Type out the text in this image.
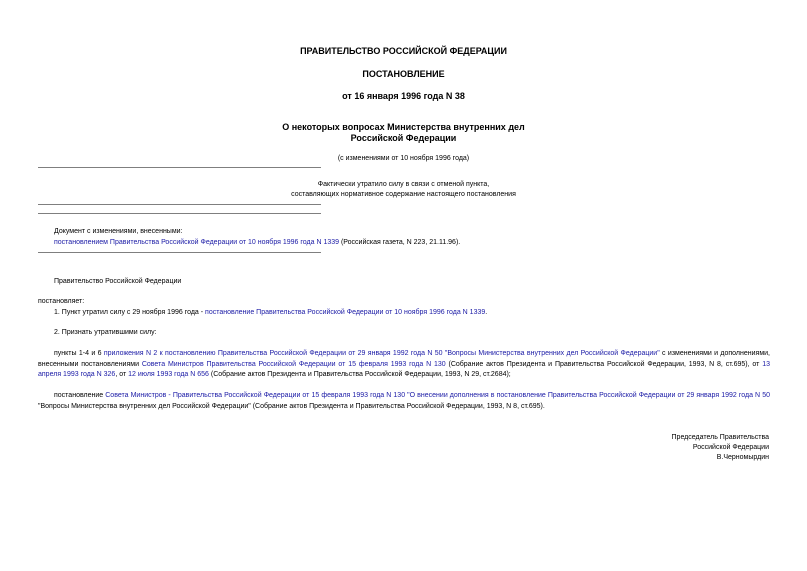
ПРАВИТЕЛЬСТВО РОССИЙСКОЙ ФЕДЕРАЦИИ
ПОСТАНОВЛЕНИЕ
от 16 января 1996 года N 38
О некоторых вопросах Министерства внутренних дел
Российской Федерации
(с изменениями от 10 ноября 1996 года)
Фактически утратило силу в связи с отменой пункта,
составляющих нормативное содержание настоящего постановления
Документ с изменениями, внесенными:
постановлением Правительства Российской Федерации от 10 ноября 1996 года N 1339 (Российская газета, N 223, 21.11.96).
Правительство Российской Федерации
постановляет:
1. Пункт утратил силу с 29 ноября 1996 года - постановление Правительства Российской Федерации от 10 ноября 1996 года N 1339.
2. Признать утратившими силу:
пункты 1-4 и 6 приложения N 2 к постановлению Правительства Российской Федерации от 29 января 1992 года N 50 "Вопросы Министерства внутренних дел Российской Федерации" с изменениями и дополнениями, внесенными постановлениями Совета Министров Правительства Российской Федерации от 15 февраля 1993 года N 130 (Собрание актов Президента и Правительства Российской Федерации, 1993, N 8, ст.695), от 13 апреля 1993 года N 326, от 12 июля 1993 года N 656 (Собрание актов Президента и Правительства Российской Федерации, 1993, N 29, ст.2684);
постановление Совета Министров - Правительства Российской Федерации от 15 февраля 1993 года N 130 "О внесении дополнения в постановление Правительства Российской Федерации от 29 января 1992 года N 50 "Вопросы Министерства внутренних дел Российской Федерации" (Собрание актов Президента и Правительства Российской Федерации, 1993, N 8, ст.695).
Председатель Правительства
Российской Федерации
В.Черномырдин
